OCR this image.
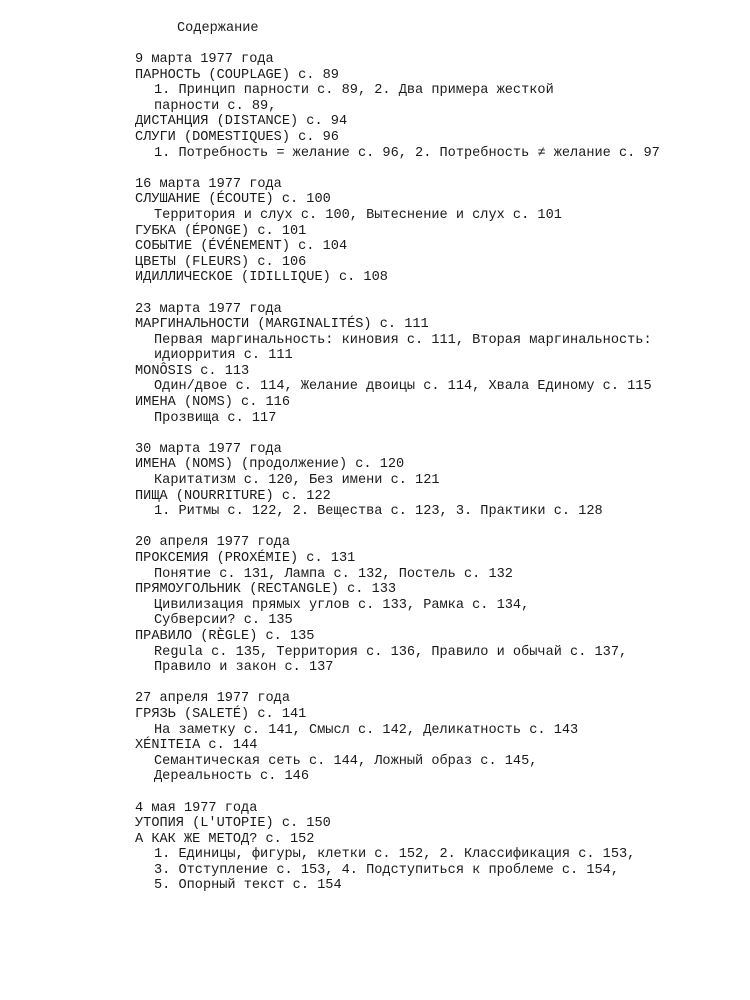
Содержание
9 марта 1977 года
ПАРНОСТЬ (COUPLAGE) с. 89
1. Принцип парности с. 89, 2. Два примера жесткой
парности с. 89,
ДИСТАНЦИЯ (DISTANCE) с. 94
СЛУГИ (DOMESTIQUES) с. 96
1. Потребность = желание с. 96, 2. Потребность ≠ желание с. 97
16 марта 1977 года
СЛУШАНИЕ (ÉCOUTE) с. 100
Территория и слух с. 100, Вытеснение и слух с. 101
ГУБКА (ÉPONGE) с. 101
СОБЫТИЕ (ÉVÉNEMENT) с. 104
ЦВЕТЫ (FLEURS) с. 106
ИДИЛЛИЧЕСКОЕ (IDILLIQUE) с. 108
23 марта 1977 года
МАРГИНАЛЬНОСТИ (MARGINALITÉS) с. 111
Первая маргинальность: киновия с. 111, Вторая маргинальность:
идиоррития с. 111
MONÔSIS с. 113
Один/двое с. 114, Желание двоицы с. 114, Хвала Единому с. 115
ИМЕНА (NOMS) с. 116
Прозвища с. 117
30 марта 1977 года
ИМЕНА (NOMS) (продолжение) с. 120
Каритатизм с. 120, Без имени с. 121
ПИЩА (NOURRITURE) с. 122
1. Ритмы с. 122, 2. Вещества с. 123, 3. Практики с. 128
20 апреля 1977 года
ПРОКСЕМИЯ (PROXÉMIE) с. 131
Понятие с. 131, Лампа с. 132, Постель с. 132
ПРЯМОУГОЛЬНИК (RECTANGLE) с. 133
Цивилизация прямых углов с. 133, Рамка с. 134,
Субверсии? с. 135
ПРАВИЛО (RÈGLE) с. 135
Regula с. 135, Территория с. 136, Правило и обычай с. 137,
Правило и закон с. 137
27 апреля 1977 года
ГРЯЗЬ (SALETÉ) с. 141
На заметку с. 141, Смысл с. 142, Деликатность с. 143
XÉNITEIA с. 144
Семантическая сеть с. 144, Ложный образ с. 145,
Дереальность с. 146
4 мая 1977 года
УТОПИЯ (L'UTOPIE) с. 150
А КАК ЖЕ МЕТОД? с. 152
1. Единицы, фигуры, клетки с. 152, 2. Классификация с. 153,
3. Отступление с. 153, 4. Подступиться к проблеме с. 154,
5. Опорный текст с. 154
